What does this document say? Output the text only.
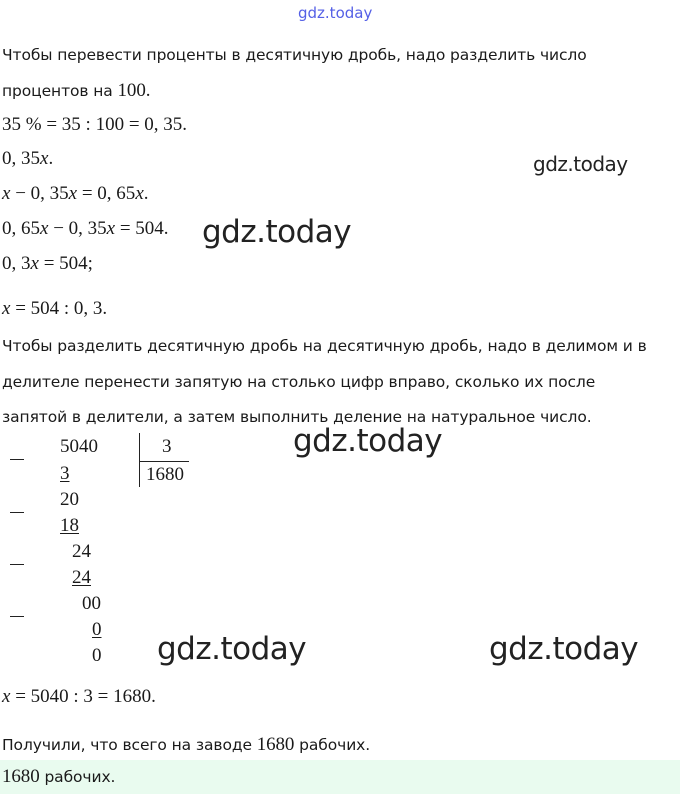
gdz.today
Чтобы перевести проценты в десятичную дробь, надо разделить число
процентов на 100.
35 % = 35 : 100 = 0, 35.
0, 35x.	gdz.today
x − 0, 35x = 0, 65x.
0, 65x − 0, 35x = 504. gdz.today
0, 3x = 504;
x = 504 : 0, 3.
Чтобы разделить десятичную дробь на десятичную дробь, надо в делимом и в
делителе перенести запятую на столько цифр вправо, сколько их после
запятой в делители, а затем выполнить деление на натуральное число.
5040
3
3
1680
20
18
24
24
00
0
0
gdz.today
gdz.today	gdz.today
x = 5040 : 3 = 1680.
Получили, что всего на заводе 1680 рабочих.
1680 рабочих.
